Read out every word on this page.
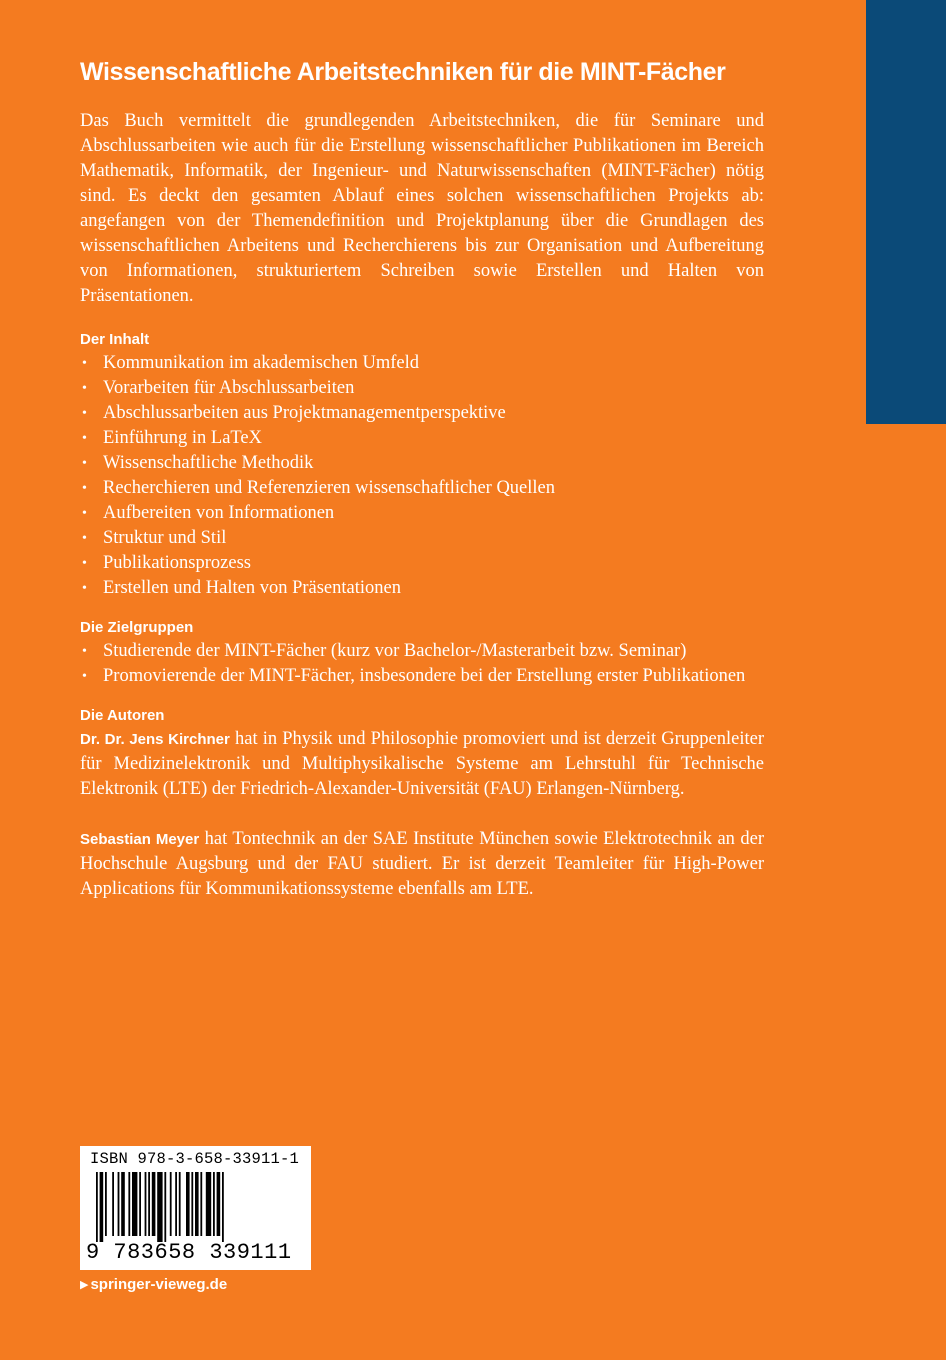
Wissenschaftliche Arbeitstechniken für die MINT-Fächer

Das Buch vermittelt die grundlegenden Arbeitstechniken, die für Seminare und Abschlussarbeiten wie auch für die Erstellung wissenschaftlicher Publikationen im Bereich Mathematik, Informatik, der Ingenieur- und Naturwissenschaften (MINT-Fächer) nötig sind. Es deckt den gesamten Ablauf eines solchen wissenschaftlichen Projekts ab: angefangen von der Themendefinition und Projektplanung über die Grundlagen des wissenschaftlichen Arbeitens und Recherchierens bis zur Organisation und Aufbereitung von Informationen, strukturiertem Schreiben sowie Erstellen und Halten von Präsentationen.

Der Inhalt
• Kommunikation im akademischen Umfeld
• Vorarbeiten für Abschlussarbeiten
• Abschlussarbeiten aus Projektmanagementperspektive
• Einführung in LaTeX
• Wissenschaftliche Methodik
• Recherchieren und Referenzieren wissenschaftlicher Quellen
• Aufbereiten von Informationen
• Struktur und Stil
• Publikationsprozess
• Erstellen und Halten von Präsentationen
Die Zielgruppen
• Studierende der MINT-Fächer (kurz vor Bachelor-/Masterarbeit bzw. Seminar)
• Promovierende der MINT-Fächer, insbesondere bei der Erstellung erster Publikationen
Die Autoren

Dr. Dr. Jens Kirchner hat in Physik und Philosophie promoviert und ist derzeit Gruppenleiter für Medizinelektronik und Multiphysikalische Systeme am Lehrstuhl für Technische Elektronik (LTE) der Friedrich-Alexander-Universität (FAU) Erlangen-Nürnberg.

Sebastian Meyer hat Tontechnik an der SAE Institute München sowie Elektrotechnik an der Hochschule Augsburg und der FAU studiert. Er ist derzeit Teamleiter für High-Power Applications für Kommunikationssysteme ebenfalls am LTE.

ISBN 978-3-658-33911-1
9 783658 339111
▶ springer-vieweg.de
